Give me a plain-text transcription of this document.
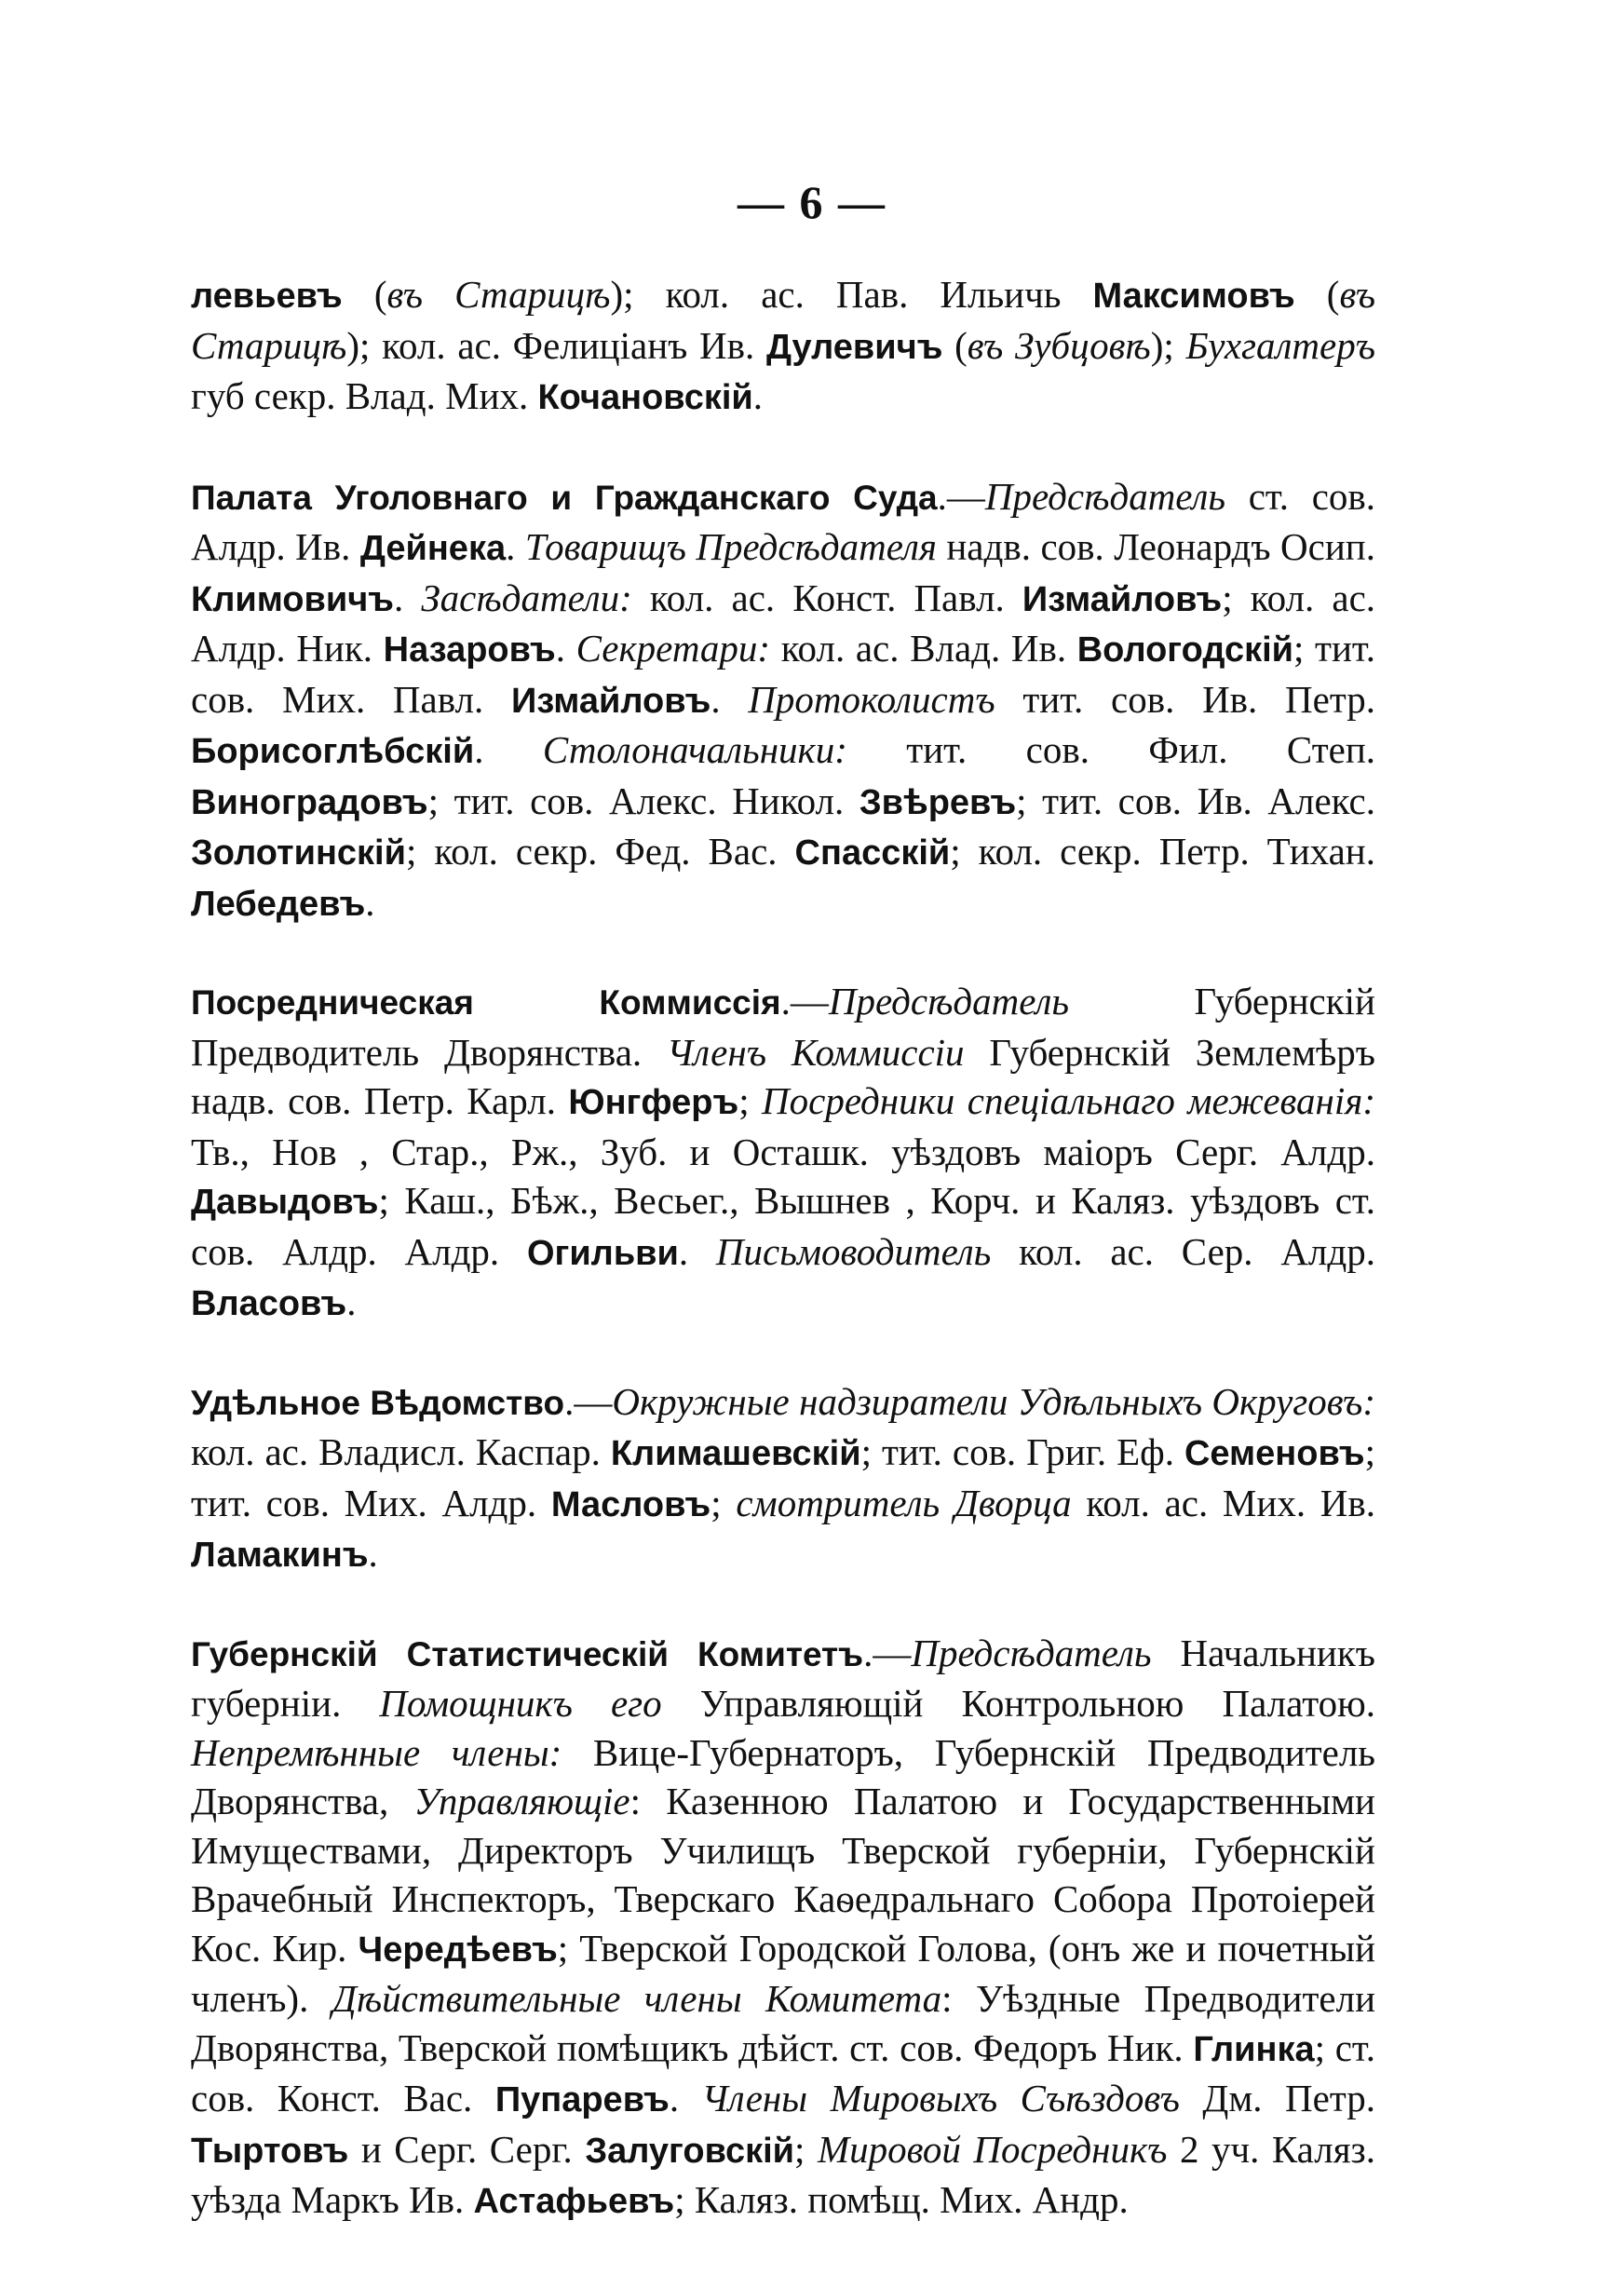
— 6 —

левьевъ (въ Старицѣ); кол. ас. Пав. Ильичь Максимовъ (въ Старицѣ); кол. ас. Фелиціанъ Ив. Дулевичъ (въ Зубцовѣ); Бухгалтеръ губ секр. Влад. Мих. Кочановскій.

Палата Уголовнаго и Гражданскаго Суда.—Предсѣдатель ст. сов. Алдр. Ив. Дейнека. Товарищъ Предсѣдателя надв. сов. Леонардъ Осип. Климовичъ. Засѣдатели: кол. ас. Конст. Павл. Измайловъ; кол. ас. Алдр. Ник. Назаровъ. Секретари: кол. ас. Влад. Ив. Вологодскій; тит. сов. Мих. Павл. Измайловъ. Протоколистъ тит. сов. Ив. Петр. Борисоглѣбскій. Столоначальники: тит. сов. Фил. Степ. Виноградовъ; тит. сов. Алекс. Никол. Звѣревъ; тит. сов. Ив. Алекс. Золотинскій; кол. секр. Фед. Вас. Спасскій; кол. секр. Петр. Тихан. Лебедевъ.

Посредническая Коммиссія.—Предсѣдатель Губернскій Предводитель Дворянства. Членъ Коммиссіи Губернскій Землемѣръ надв. сов. Петр. Карл. Юнгферъ; Посредники спеціальнаго межеванія: Тв., Нов , Стар., Рж., Зуб. и Осташк. уѣздовъ маіоръ Серг. Алдр. Давыдовъ; Каш., Бѣж., Весьег., Вышнев , Корч. и Каляз. уѣздовъ ст. сов. Алдр. Алдр. Огильви. Письмоводитель кол. ас. Сер. Алдр. Власовъ.

Удѣльное Вѣдомство.—Окружные надзиратели Удѣльныхъ Округовъ: кол. ас. Владисл. Каспар. Климашевскій; тит. сов. Григ. Еф. Семеновъ; тит. сов. Мих. Алдр. Масловъ; смотритель Дворца кол. ас. Мих. Ив. Ламакинъ.

Губернскій Статистическій Комитетъ.—Предсѣдатель Начальникъ губерніи. Помощникъ его Управляющій Контрольною Палатою. Непремѣнные члены: Вице-Губернаторъ, Губернскій Предводитель Дворянства, Управляющіе: Казенною Палатою и Государственными Имуществами, Директоръ Училищъ Тверской губерніи, Губернскій Врачебный Инспекторъ, Тверскаго Каѳедральнаго Собора Протоіерей Кос. Кир. Чередѣевъ; Тверской Городской Голова, (онъ же и почетный членъ). Дѣйствительные члены Комитета: Уѣздные Предводители Дворянства, Тверской помѣщикъ дѣйст. ст. сов. Федоръ Ник. Глинка; ст. сов. Конст. Вас. Пупаревъ. Члены Мировыхъ Съѣздовъ Дм. Петр. Тыртовъ и Серг. Серг. Залуговскій; Мировой Посредникъ 2 уч. Каляз. уѣзда Маркъ Ив. Астафьевъ; Каляз. помѣщ. Мих. Андр.
